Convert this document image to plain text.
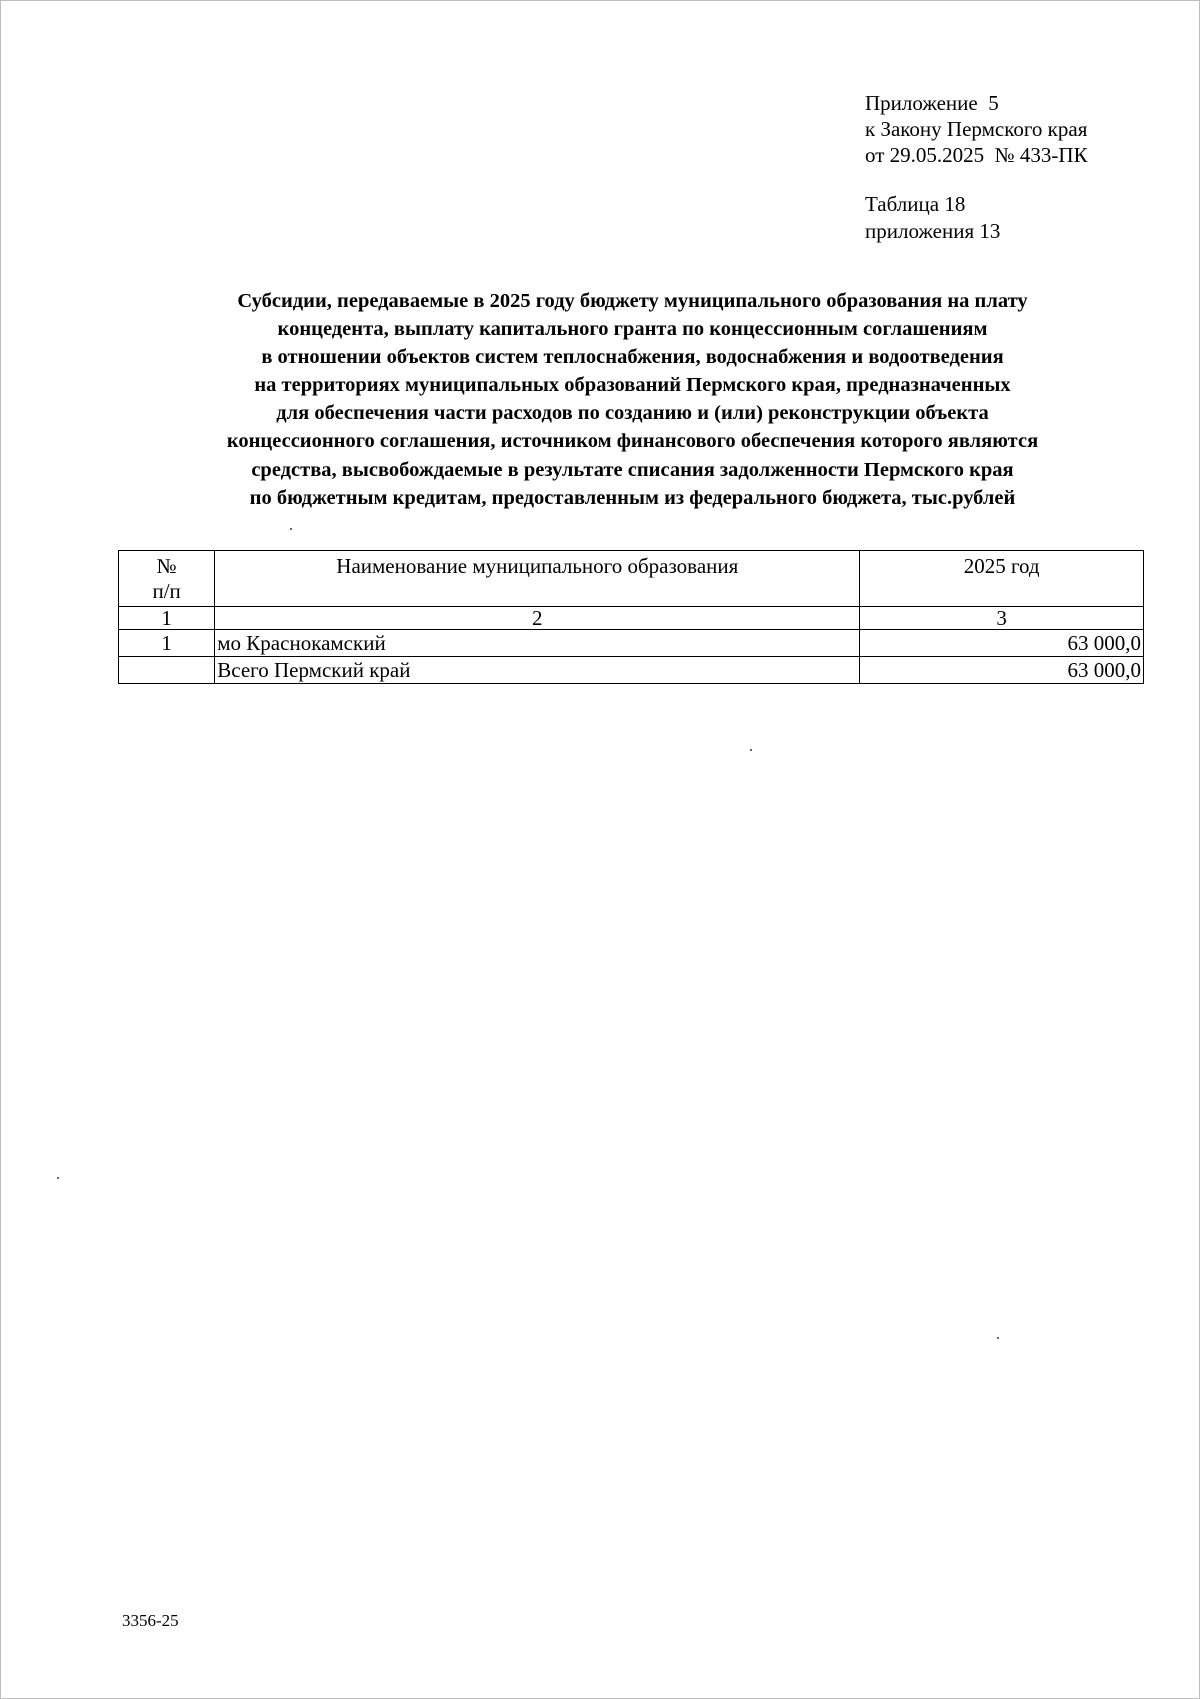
Приложение  5
к Закону Пермского края
от 29.05.2025  № 433-ПК
Таблица 18
приложения 13
Субсидии, передаваемые в 2025 году бюджету муниципального образования на плату
концедента, выплату капитального гранта по концессионным соглашениям
в отношении объектов систем теплоснабжения, водоснабжения и водоотведения
на территориях муниципальных образований Пермского края, предназначенных
для обеспечения части расходов по созданию и (или) реконструкции объекта
концессионного соглашения, источником финансового обеспечения которого являются
средства, высвобождаемые в результате списания задолженности Пермского края
по бюджетным кредитам, предоставленным из федерального бюджета, тыс.рублей
№
п/п	Наименование муниципального образования	2025 год
1	2	3
1	мо Краснокамский	63 000,0
	Всего Пермский край	63 000,0
3356-25
